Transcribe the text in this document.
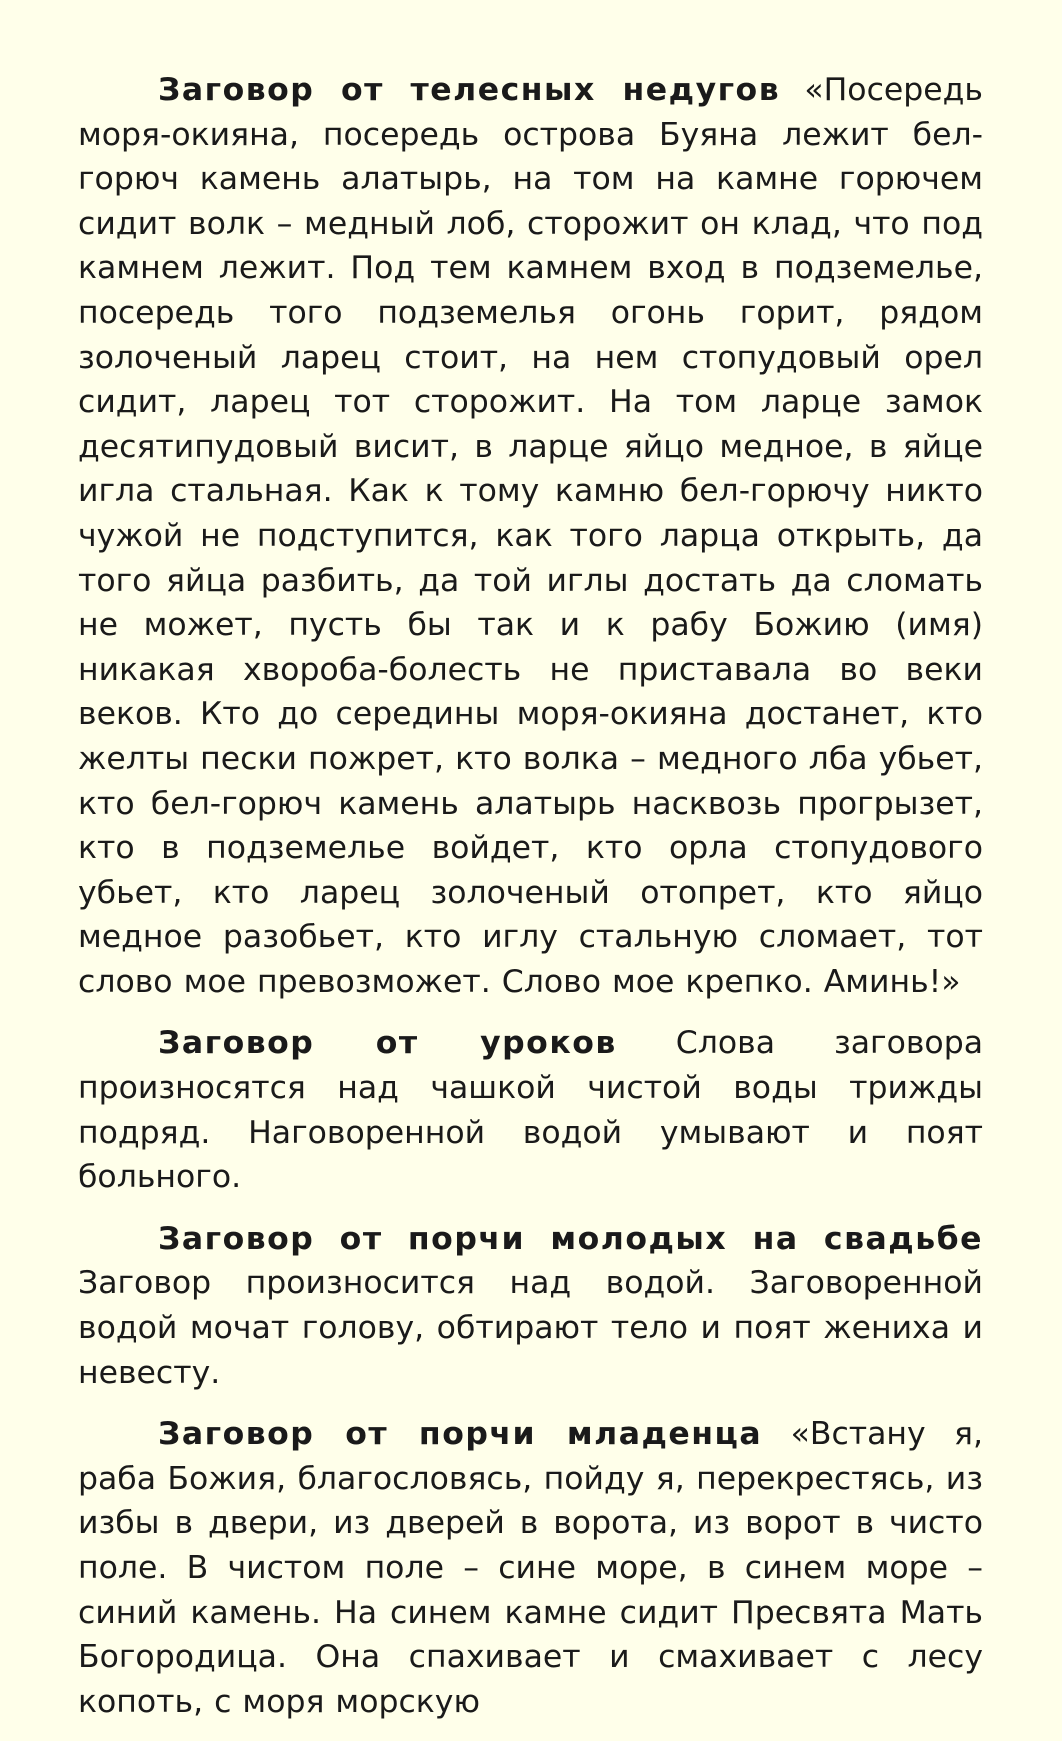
Заговор от телесных недугов «Посередь моря-окияна, посередь острова Буяна лежит бел-горюч камень алатырь, на том на камне горючем сидит волк – медный лоб, сторожит он клад, что под камнем лежит. Под тем камнем вход в подземелье, посередь того подземелья огонь горит, рядом золоченый ларец стоит, на нем стопудовый орел сидит, ларец тот сторожит. На том ларце замок десятипудовый висит, в ларце яйцо медное, в яйце игла стальная. Как к тому камню бел-горючу никто чужой не подступится, как того ларца открыть, да того яйца разбить, да той иглы достать да сломать не может, пусть бы так и к рабу Божию (имя) никакая хвороба-болесть не приставала во веки веков. Кто до середины моря-окияна достанет, кто желты пески пожрет, кто волка – медного лба убьет, кто бел-горюч камень алатырь насквозь прогрызет, кто в подземелье войдет, кто орла стопудового убьет, кто ларец золоченый отопрет, кто яйцо медное разобьет, кто иглу стальную сломает, тот слово мое превозможет. Слово мое крепко. Аминь!»

Заговор от уроков Слова заговора произносятся над чашкой чистой воды трижды подряд. Наговоренной водой умывают и поят больного.

Заговор от порчи молодых на свадьбе Заговор произносится над водой. Заговоренной водой мочат голову, обтирают тело и поят жениха и невесту.

Заговор от порчи младенца «Встану я, раба Божия, благословясь, пойду я, перекрестясь, из избы в двери, из дверей в ворота, из ворот в чисто поле. В чистом поле – сине море, в синем море – синий камень. На синем камне сидит Пресвята Мать Богородица. Она спахивает и смахивает с лесу копоть, с моря морскую
